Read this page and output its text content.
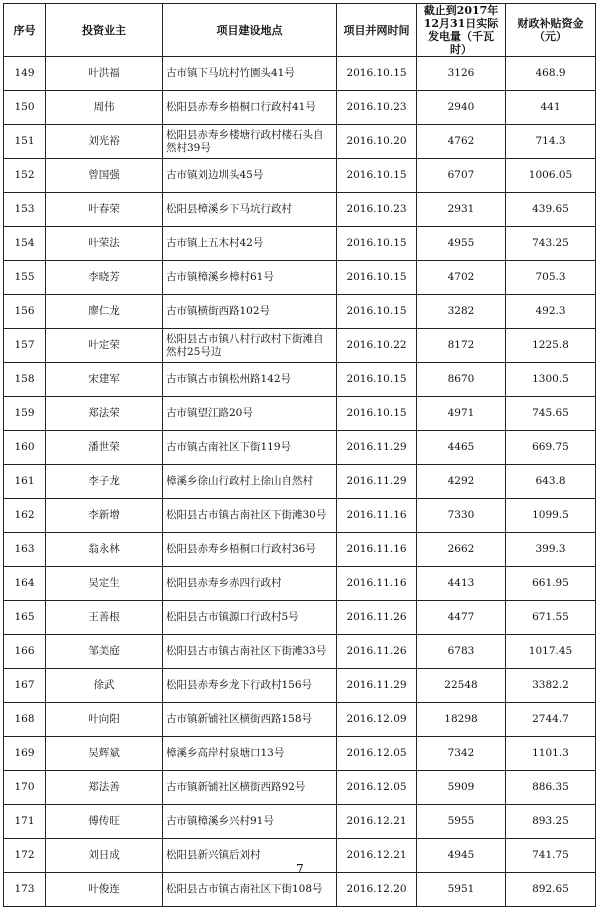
序号	投资业主	项目建设地点	项目并网时间	截止到2017年12月31日实际发电量（千瓦时）	财政补贴资金（元）
149	叶洪福	古市镇下马坑村竹園头41号	2016.10.15	3126	468.9
150	周伟	松阳县赤寿乡梧桐口行政村41号	2016.10.23	2940	441
151	刘光裕	松阳县赤寿乡楼塘行政村楼石头自然村39号	2016.10.20	4762	714.3
152	曾国强	古市镇刘边圳头45号	2016.10.15	6707	1006.05
153	叶春荣	松阳县樟溪乡下马坑行政村	2016.10.23	2931	439.65
154	叶荣法	古市镇上五木村42号	2016.10.15	4955	743.25
155	李晓芳	古市镇樟溪乡樟村61号	2016.10.15	4702	705.3
156	廖仁龙	古市镇横街西路102号	2016.10.15	3282	492.3
157	叶定荣	松阳县古市镇八村行政村下街滩自然村25号边	2016.10.22	8172	1225.8
158	宋建军	古市镇古市镇松州路142号	2016.10.15	8670	1300.5
159	郑法荣	古市镇望江路20号	2016.10.15	4971	745.65
160	潘世荣	古市镇古南社区下街119号	2016.11.29	4465	669.75
161	李子龙	樟溪乡徐山行政村上徐山自然村	2016.11.29	4292	643.8
162	李新增	松阳县古市镇古南社区下街滩30号	2016.11.16	7330	1099.5
163	翁永林	松阳县赤寿乡梧桐口行政村36号	2016.11.16	2662	399.3
164	吴定生	松阳县赤寿乡赤四行政村	2016.11.16	4413	661.95
165	王善根	松阳县古市镇源口行政村5号	2016.11.26	4477	671.55
166	邹美庭	松阳县古市镇古南社区下街滩33号	2016.11.26	6783	1017.45
167	徐武	松阳县赤寿乡龙下行政村156号	2016.11.29	22548	3382.2
168	叶向阳	古市镇新铺社区横街西路158号	2016.12.09	18298	2744.7
169	吴辉斌	樟溪乡高岸村泉塘口13号	2016.12.05	7342	1101.3
170	郑法善	古市镇新铺社区横街西路92号	2016.12.05	5909	886.35
171	傅传旺	古市镇樟溪乡兴村91号	2016.12.21	5955	893.25
172	刘日成	松阳县新兴镇后刘村	2016.12.21	4945	741.75
173	叶俊连	松阳县古市镇古南社区下街108号	2016.12.20	5951	892.65
7
